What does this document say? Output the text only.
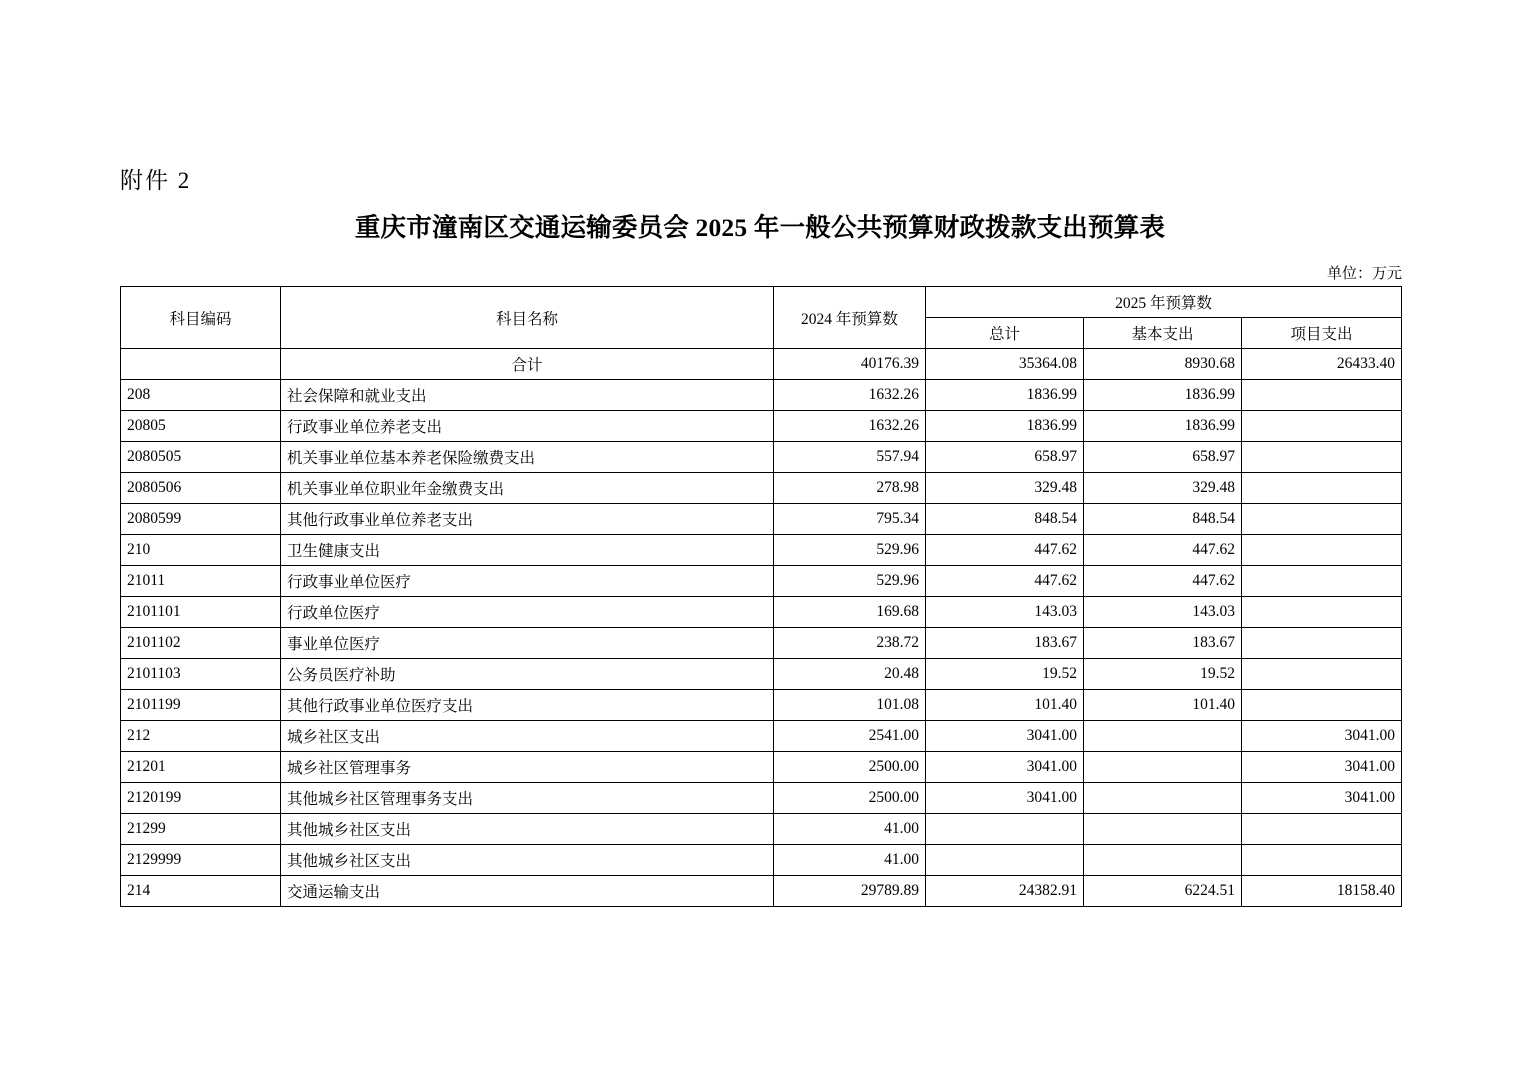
附件 2
重庆市潼南区交通运输委员会 2025 年一般公共预算财政拨款支出预算表
单位：万元
科目编码	科目名称	2024 年预算数	2025 年预算数		
			总计	基本支出	项目支出
	合计	40176.39	35364.08	8930.68	26433.40
208	社会保障和就业支出	1632.26	1836.99	1836.99	
20805	行政事业单位养老支出	1632.26	1836.99	1836.99	
2080505	机关事业单位基本养老保险缴费支出	557.94	658.97	658.97	
2080506	机关事业单位职业年金缴费支出	278.98	329.48	329.48	
2080599	其他行政事业单位养老支出	795.34	848.54	848.54	
210	卫生健康支出	529.96	447.62	447.62	
21011	行政事业单位医疗	529.96	447.62	447.62	
2101101	行政单位医疗	169.68	143.03	143.03	
2101102	事业单位医疗	238.72	183.67	183.67	
2101103	公务员医疗补助	20.48	19.52	19.52	
2101199	其他行政事业单位医疗支出	101.08	101.40	101.40	
212	城乡社区支出	2541.00	3041.00		3041.00
21201	城乡社区管理事务	2500.00	3041.00		3041.00
2120199	其他城乡社区管理事务支出	2500.00	3041.00		3041.00
21299	其他城乡社区支出	41.00			
2129999	其他城乡社区支出	41.00			
214	交通运输支出	29789.89	24382.91	6224.51	18158.40
